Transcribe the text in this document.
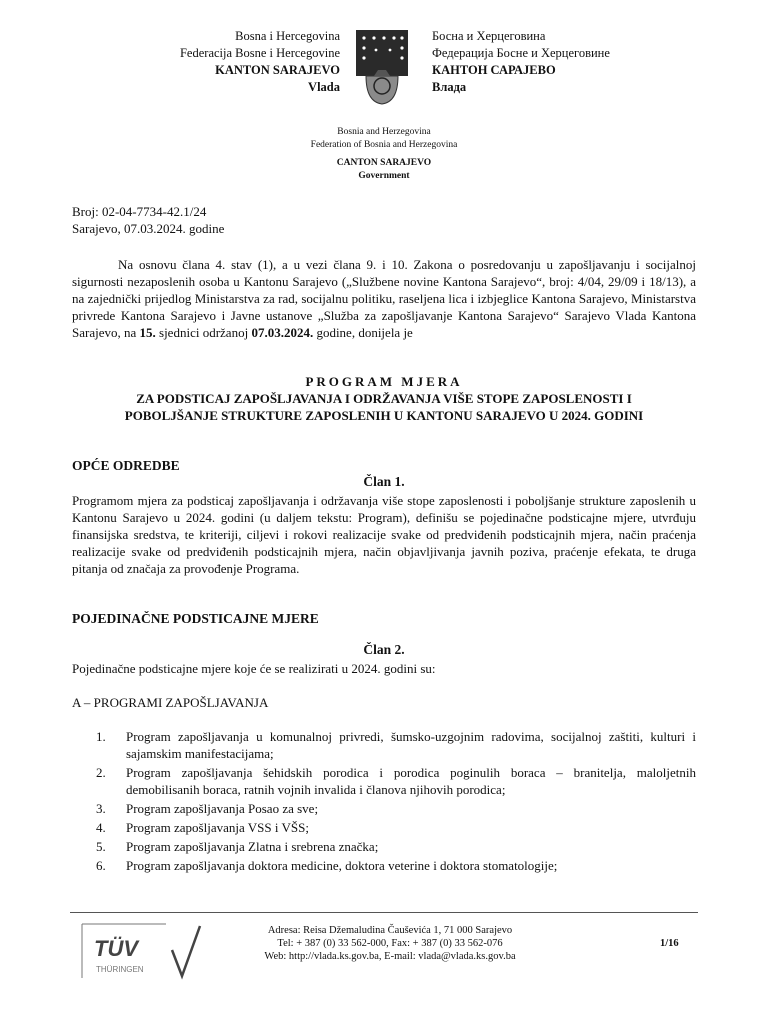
Bosna i Hercegovina
Federacija Bosne i Hercegovine
KANTON SARAJEVO
Vlada
Босна и Херцеговина
Федерација Босне и Херцеговине
КАНТОН САРАЈЕВО
Влада
Bosnia and Herzegovina
Federation of Bosnia and Herzegovina
CANTON SARAJEVO
Government
Broj: 02-04-7734-42.1/24
Sarajevo, 07.03.2024. godine
Na osnovu člana 4. stav (1), a u vezi člana 9. i 10. Zakona o posredovanju u zapošljavanju i socijalnoj sigurnosti nezaposlenih osoba u Kantonu Sarajevo („Službene novine Kantona Sarajevo“, broj: 4/04, 29/09 i 18/13), a na zajednički prijedlog Ministarstva za rad, socijalnu politiku, raseljena lica i izbjeglice Kantona Sarajevo, Ministarstva privrede Kantona Sarajevo i Javne ustanove „Služba za zapošljavanje Kantona Sarajevo“ Sarajevo Vlada Kantona Sarajevo, na 15. sjednici održanoj 07.03.2024. godine, donijela je
PROGRAM MJERA
ZA PODSTICAJ ZAPOŠLJAVANJA I ODRŽAVANJA VIŠE STOPE ZAPOSLENOSTI I
POBOLJŠANJE STRUKTURE ZAPOSLENIH U KANTONU SARAJEVO U 2024. GODINI
OPĆE ODREDBE
Član 1.
Programom mjera za podsticaj zapošljavanja i održavanja više stope zaposlenosti i poboljšanje strukture zaposlenih u Kantonu Sarajevo u 2024. godini (u daljem tekstu: Program), definišu se pojedinačne podsticajne mjere, utvrđuju finansijska sredstva, te kriteriji, ciljevi i rokovi realizacije svake od predviđenih podsticajnih mjera, način praćenja realizacije svake od predviđenih podsticajnih mjera, način objavljivanja javnih poziva, praćenje efekata, te druga pitanja od značaja za provođenje Programa.
POJEDINAČNE PODSTICAJNE MJERE
Član 2.
Pojedinačne podsticajne mjere koje će se realizirati u 2024. godini su:
A – PROGRAMI ZAPOŠLJAVANJA
1.	Program zapošljavanja u komunalnoj privredi, šumsko-uzgojnim radovima, socijalnoj zaštiti, kulturi i sajamskim manifestacijama;
2.	Program zapošljavanja šehidskih porodica i porodica poginulih boraca – branitelja, maloljetnih demobilisanih boraca, ratnih vojnih invalida i članova njihovih porodica;
3.	Program zapošljavanja Posao za sve;
4.	Program zapošljavanja VSS i VŠS;
5.	Program zapošljavanja Zlatna i srebrena značka;
6.	Program zapošljavanja doktora medicine, doktora veterine i doktora stomatologije;
TÜV
THÜRINGEN
Adresa: Reisa Džemaludina Čauševića 1, 71 000 Sarajevo
Tel: + 387 (0) 33 562-000, Fax: + 387 (0) 33 562-076
Web: http://vlada.ks.gov.ba, E-mail: vlada@vlada.ks.gov.ba
1/16
